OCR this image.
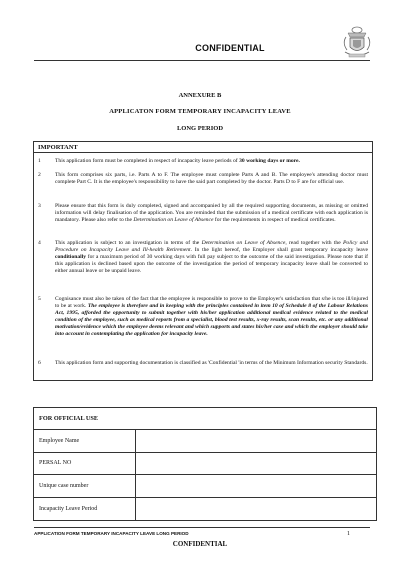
CONFIDENTIAL
ANNEXURE B
APPLICATON FORM TEMPORARY INCAPACITY LEAVE
LONG PERIOD
IMPORTANT
1	This application form must be completed in respect of incapacity leave periods of 30 working days or more.
2	This form comprises six parts, i.e. Parts A to F. The employee must complete Parts A and B. The employee's attending doctor must complete Part C. It is the employee's responsibility to have the said part completed by the doctor. Parts D to F are for official use.
3	Please ensure that this form is duly completed, signed and accompanied by all the required supporting documents, as missing or omitted information will delay finalisation of the application. You are reminded that the submission of a medical certificate with each application is mandatory. Please also refer to the Determination on Leave of Absence for the requirements in respect of medical certificates.
4	This application is subject to an investigation in terms of the Determination on Leave of Absence, read together with the Policy and Procedure on Incapacity Leave and Ill-health Retirement. In the light hereof, the Employer shall grant temporary incapacity leave conditionally for a maximum period of 30 working days with full pay subject to the outcome of the said investigation. Please note that if this application is declined based upon the outcome of the investigation the period of temporary incapacity leave shall be converted to either annual leave or be unpaid leave.
5	Cognisance must also be taken of the fact that the employee is responsible to prove to the Employer's satisfaction that s/he is too ill/injured to be at work. The employee is therefore and in keeping with the principles contained in item 10 of Schedule 8 of the Labour Relations Act, 1995, afforded the opportunity to submit together with his/her application additional medical evidence related to the medical condition of the employee, such as medical reports from a specialist, blood test results, x-ray results, scan results, etc. or any additional motivation/evidence which the employee deems relevant and which supports and states his/her case and which the employer should take into account in contemplating the application for incapacity leave.
6	This application form and supporting documentation is classified as 'Confidential 'in terms of the Minimum Information security Standards.
FOR OFFICIAL USE
Employee Name
PERSAL NO
Unique case number
Incapacity Leave Period
APPLICATION FORM TEMPORARY INCAPACITY LEAVE LONG PERIOD	1
CONFIDENTIAL
